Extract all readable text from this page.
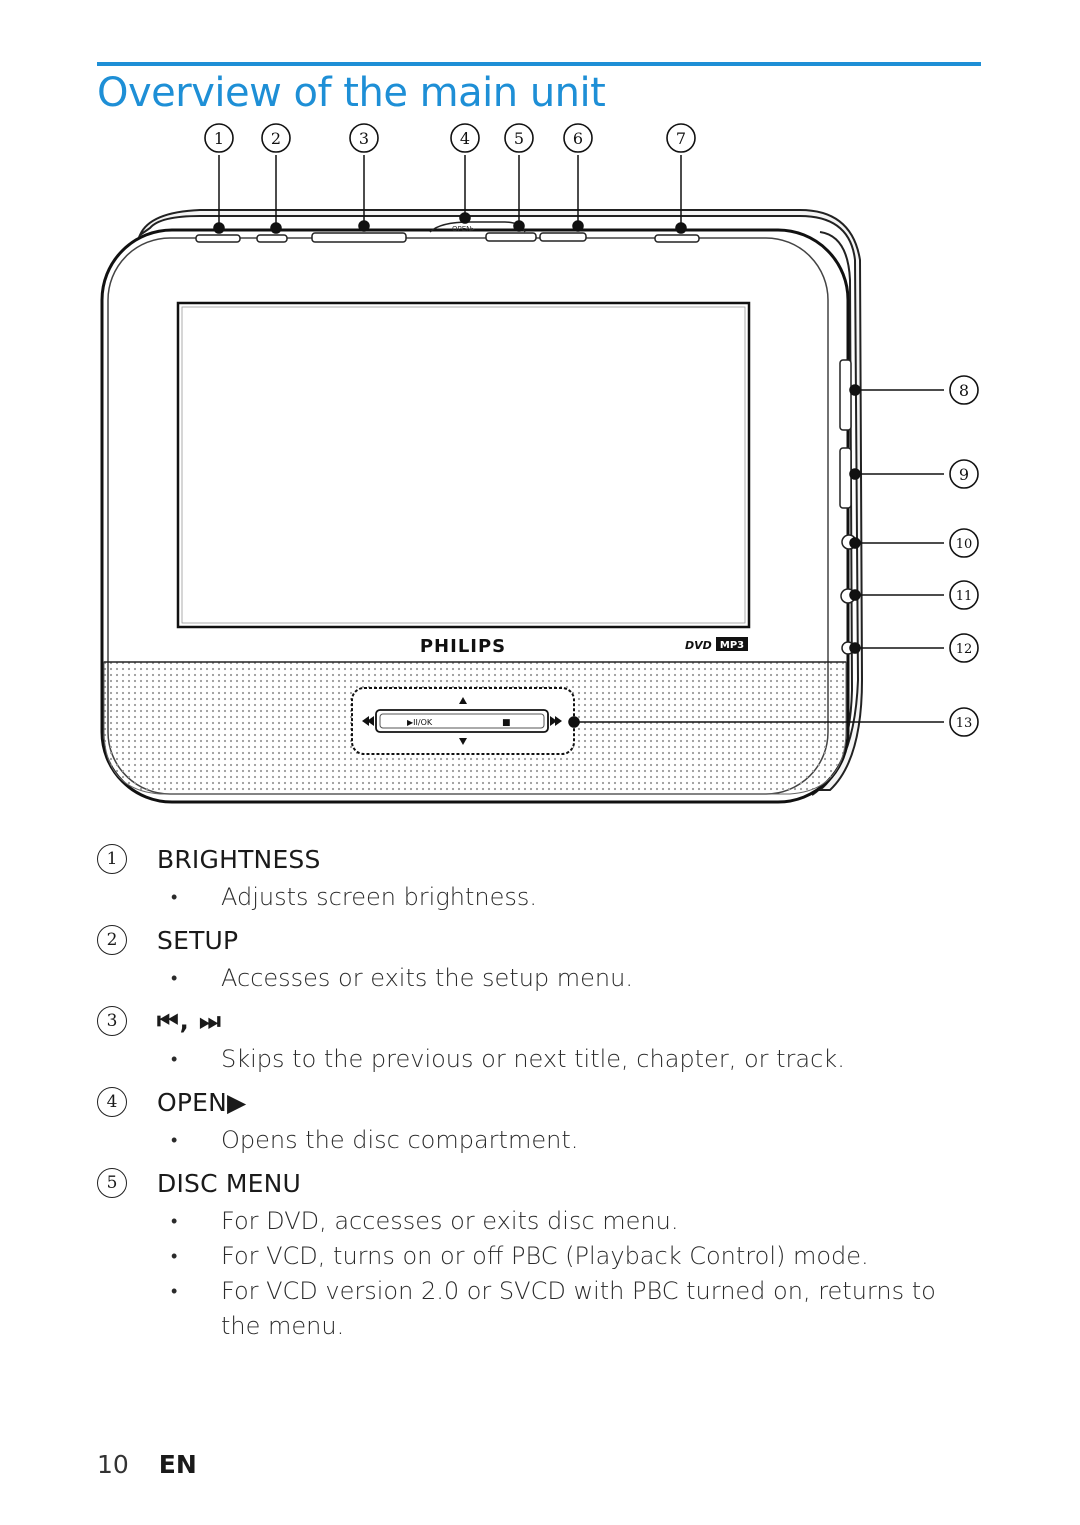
Overview of the main unit
OPEN▸
PHILIPS	DVD MP3
▶II/OK	■
1	2	3	4	5	6	7
8
9
10
11
12
13
1	BRIGHTNESS
• Adjusts screen brightness.
2	SETUP
• Accesses or exits the setup menu.
3	⏮, ⏭
• Skips to the previous or next title, chapter, or track.
4	OPEN▶
• Opens the disc compartment.
5	DISC MENU
• For DVD, accesses or exits disc menu.
• For VCD, turns on or off PBC (Playback Control) mode.
• For VCD version 2.0 or SVCD with PBC turned on, returns to the menu.
10 EN
